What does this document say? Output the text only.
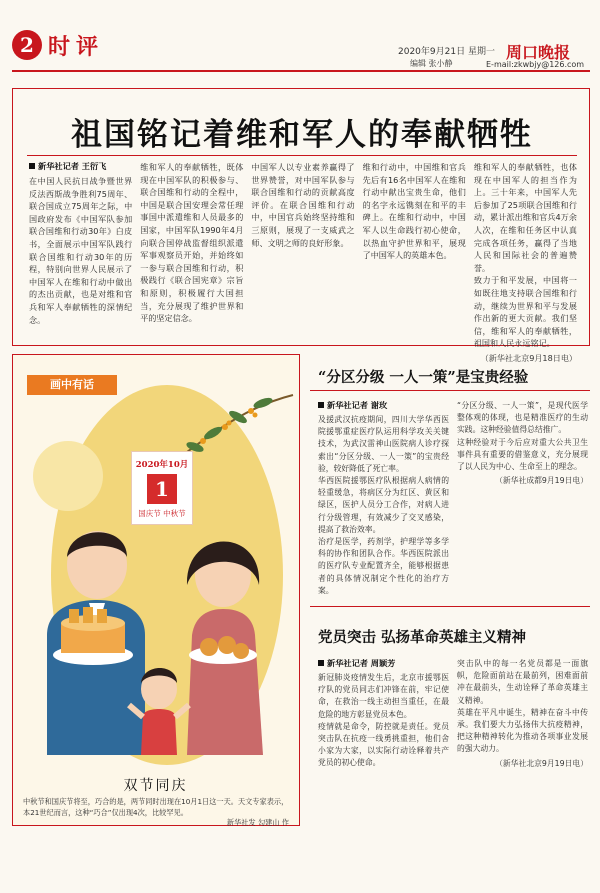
2 时评	2020年9月21日 星期一
编辑 张小静
周口晚报
E-mail:zkwbjy@126.com
祖国铭记着维和军人的奉献牺牲
新华社记者 王衍飞

在中国人民抗日战争暨世界反法西斯战争胜利75周年、联合国成立75周年之际，中国政府发布《中国军队参加联合国维和行动30年》白皮书，全面展示中国军队践行联合国维和行动30年的历程，特别向世界人民展示了中国军人在维和行动中做出的杰出贡献，也是对维和官兵和军人奉献牺牲的深情纪念。

维和军人的奉献牺牲，既体现在中国军队的积极参与、联合国维和行动的全程中，中国是联合国安理会常任理事国中派遣维和人员最多的国家，中国军队1990年4月向联合国停战监督组织派遣军事观察员开始，并始终如一参与联合国维和行动，积极践行《联合国宪章》宗旨和原则，积极履行大国担当，充分展现了维护世界和平的坚定信念。

中国军人以专业素养赢得了世界赞誉，对中国军队参与联合国维和行动的贡献高度评价。在联合国维和行动中，中国官兵始终坚持维和三原则，展现了一支威武之师、文明之师的良好形象。

维和行动中，中国维和官兵先后有16名中国军人在维和行动中献出宝贵生命，他们的名字永远镌刻在和平的丰碑上。在维和行动中，中国军人以生命践行初心使命，以热血守护世界和平，展现了中国军人的英雄本色。

维和军人的奉献牺牲，也体现在中国军人的担当作为上。三十年来，中国军人先后参加了25项联合国维和行动，累计派出维和官兵4万余人次，在维和任务区中认真完成各项任务，赢得了当地人民和国际社会的普遍赞誉。

致力于和平发展，中国将一如既往地支持联合国维和行动，继续为世界和平与发展作出新的更大贡献。我们坚信，维和军人的奉献牺牲，祖国和人民永远铭记。

（新华社北京9月18日电）
画中有话
2020年10月
1
国庆节 中秋节
双节同庆
中秋节和国庆节将至，巧合的是，两节同时出现在10月1日这一天。天文专家表示，本21世纪而言，这种“巧合”仅出现4次，比较罕见。
新华社发 勾建山 作
“分区分级 一人一策”是宝贵经验
新华社记者 谢玫

及援武汉抗疫期间，四川大学华西医院援鄂重症医疗队运用科学攻关关键技术，为武汉雷神山医院病人诊疗探索出“分区分级、一人一策”的宝贵经验，较好降低了死亡率。

华西医院援鄂医疗队根据病人病情的轻重缓急，将病区分为红区、黄区和绿区，医护人员分工合作，对病人进行分级管理，有效减少了交叉感染，提高了救治效率。

治疗是医学，药剂学，护理学等多学科的协作和团队合作。华西医院派出的医疗队专业配置齐全，能够根据患者的具体情况制定个性化的治疗方案。

“分区分级、一人一策”，是现代医学整体观的体现，也是精准医疗的生动实践。这种经验值得总结推广。

这种经验对于今后应对重大公共卫生事件具有重要的借鉴意义，充分展现了以人民为中心、生命至上的理念。

（新华社成都9月19日电）
党员突击 弘扬革命英雄主义精神
新华社记者 周颖芳

新冠肺炎疫情发生后，北京市援鄂医疗队的党员同志们冲锋在前，牢记使命，在救治一线主动担当重任，在最危险的地方彰显党员本色。

疫情就是命令，防控就是责任。党员突击队在抗疫一线勇挑重担，他们舍小家为大家，以实际行动诠释着共产党员的初心使命。

突击队中的每一名党员都是一面旗帜，危险面前站在最前列，困难面前冲在最前头，生动诠释了革命英雄主义精神。

英雄在平凡中诞生，精神在奋斗中传承。我们要大力弘扬伟大抗疫精神，把这种精神转化为推动各项事业发展的强大动力。

（新华社北京9月19日电）
